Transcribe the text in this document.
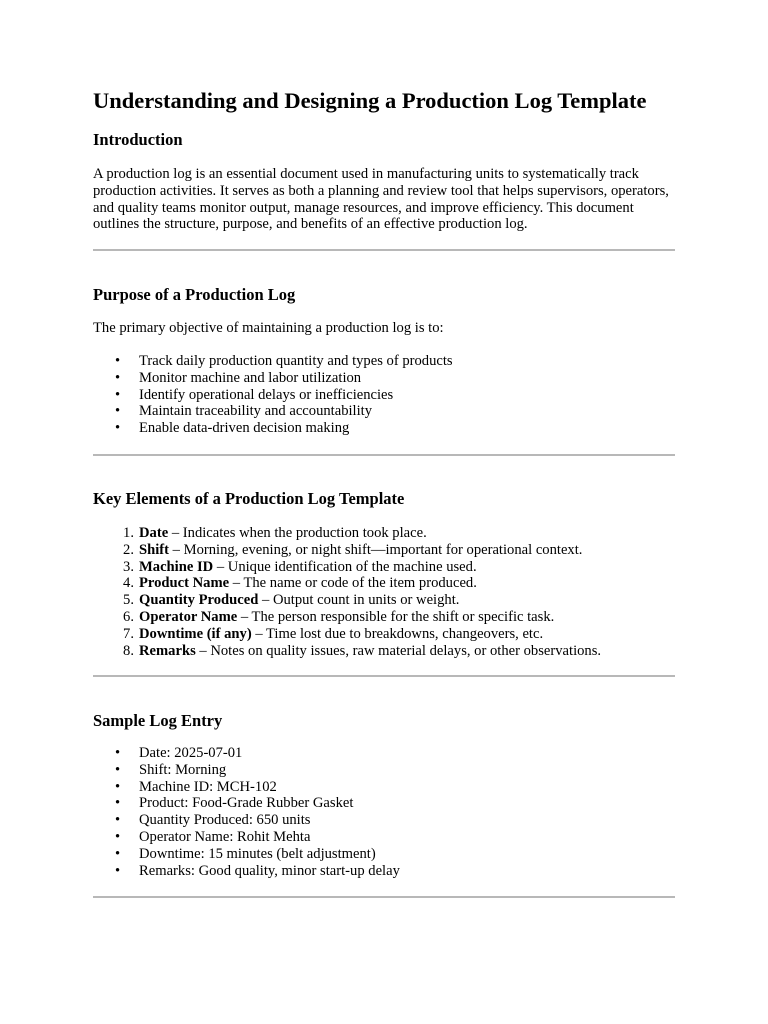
Understanding and Designing a Production Log Template
Introduction

A production log is an essential document used in manufacturing units to systematically track production activities. It serves as both a planning and review tool that helps supervisors, operators, and quality teams monitor output, manage resources, and improve efficiency. This document outlines the structure, purpose, and benefits of an effective production log.

Purpose of a Production Log

The primary objective of maintaining a production log is to:

• Track daily production quantity and types of products
• Monitor machine and labor utilization
• Identify operational delays or inefficiencies
• Maintain traceability and accountability
• Enable data-driven decision making
Key Elements of a Production Log Template
1. Date – Indicates when the production took place.
2. Shift – Morning, evening, or night shift—important for operational context.
3. Machine ID – Unique identification of the machine used.
4. Product Name – The name or code of the item produced.
5. Quantity Produced – Output count in units or weight.
6. Operator Name – The person responsible for the shift or specific task.
7. Downtime (if any) – Time lost due to breakdowns, changeovers, etc.
8. Remarks – Notes on quality issues, raw material delays, or other observations.
Sample Log Entry
• Date: 2025-07-01
• Shift: Morning
• Machine ID: MCH-102
• Product: Food-Grade Rubber Gasket
• Quantity Produced: 650 units
• Operator Name: Rohit Mehta
• Downtime: 15 minutes (belt adjustment)
• Remarks: Good quality, minor start-up delay
